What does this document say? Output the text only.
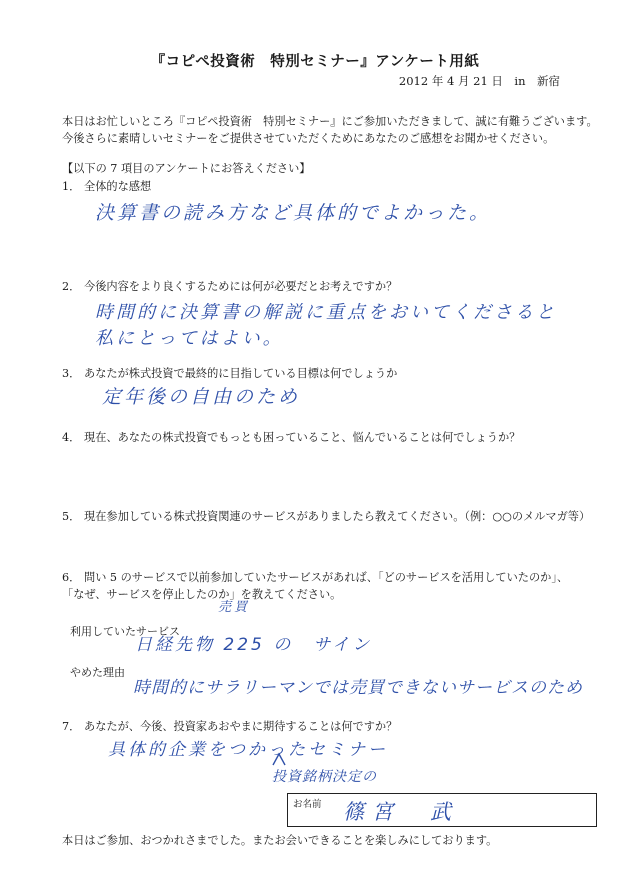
『コピペ投資術　特別セミナー』アンケート用紙
2012 年 4 月 21 日　in　新宿
本日はお忙しいところ『コピペ投資術　特別セミナー』にご参加いただきまして、誠に有難うございます。
今後さらに素晴しいセミナーをご提供させていただくためにあなたのご感想をお聞かせください。
【以下の 7 項目のアンケートにお答えください】
1． 全体的な感想
決算書の読み方など具体的でよかった。
2． 今後内容をより良くするためには何が必要だとお考えですか？
時間的に決算書の解説に重点をおいてくださると
私にとってはよい。
3． あなたが株式投資で最終的に目指している目標は何でしょうか
定年後の自由のため
4． 現在、あなたの株式投資でもっとも困っていること、悩んでいることは何でしょうか？
5． 現在参加している株式投資関連のサービスがありましたら教えてください。（例：○○のメルマガ等）
6． 問い 5 のサービスで以前参加していたサービスがあれば、「どのサービスを活用していたのか」、
「なぜ、サービスを停止したのか」を教えてください。
売買
利用していたサービス
日経先物 225 の　サイン
やめた理由
時間的にサラリーマンでは売買できないサービスのため
7． あなたが、今後、投資家あおやまに期待することは何ですか？
具体的企業をつかったセミナー
投資銘柄決定の
お名前 篠宮　武
本日はご参加、おつかれさまでした。またお会いできることを楽しみにしております。
